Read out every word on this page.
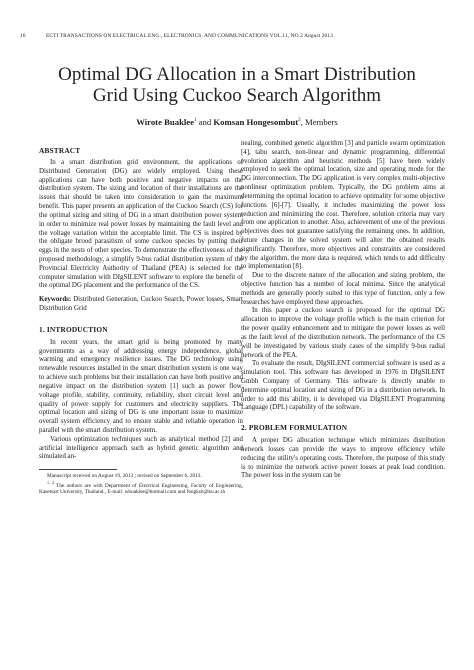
16	ECTI TRANSACTIONS ON ELECTRICAL ENG., ELECTRONICS, AND COMMUNICATIONS VOL.11, NO.2 August 2013
Optimal DG Allocation in a Smart Distribution
Grid Using Cuckoo Search Algorithm
Wirote Buaklee$^1$ and Komsan Hongesombut$^2$, Members
ABSTRACT

In a smart distribution grid environment, the applications of Distributed Generation (DG) are widely employed. Using these applications can have both positive and negative impacts on the distribution system. The sizing and location of their installations are the issues that should be taken into consideration to gain the maximum benefit. This paper presents an application of the Cuckoo Search (CS) for the optimal sizing and siting of DG in a smart distribution power system in order to minimize real power losses by maintaining the fault level and the voltage variation within the acceptable limit. The CS is inspired by the obligate brood parasitism of some cuckoo species by putting their eggs in the nests of other species. To demonstrate the effectiveness of the proposed methodology, a simplify 9-bus radial distribution system of the Provincial Electricity Authority of Thailand (PEA) is selected for the computer simulation with DIgSILENT software to explore the benefit of the optimal DG placement and the performance of the CS.

Keywords: Distributed Generation, Cuckoo Search, Power losses, Smart Distribution Grid

1. INTRODUCTION

In recent years, the smart grid is being promoted by many governments as a way of addressing energy independence, global warming and emergency resilience issues. The DG technology using renewable resources installed in the smart distribution system is one way to achieve such problems but their installation can have both positive and negative impact on the distribution system [1] such as power flow, voltage profile, stability, continuity, reliability, short circuit level and quality of power supply for customers and electricity suppliers. The optimal location and sizing of DG is one important issue to maximize overall system efficiency and to ensure stable and reliable operation in parallel with the smart distribution system.

Various optimization techniques such as analytical method [2] and artificial intelligence approach such as hybrid genetic algorithm and simulated an-

Manuscript received on August 19, 2013 ; revised on September 6, 2013.

$^{1, 2}$ The authors are with Department of Electrical Engineering, Faculty of Engineering, Kasetsart University, Thailand., E-mail: wbuaklee@hotmail.com and fengksh@ku.ac.th

nealing, combined genetic algorithm [3] and particle swarm optimization [4], tabu search, non-linear and dynamic programming, differential evolution algorithm and heuristic methods [5] have been widely employed to seek the optimal location, size and operating mode for the DG interconnection. The DG application is very complex multi-objective nonlinear optimization problem. Typically, the DG problem aims at determining the optimal location to achieve optimality for some objective functions [6]-[7]. Usually, it includes maximizing the power loss reduction and minimizing the cost. Therefore, solution criteria may vary from one application to another. Also, achievement of one of the previous objectives does not guarantee satisfying the remaining ones. In addition, future changes in the solved system will alter the obtained results significantly. Therefore, more objectives and constraints are considered by the algorithm, the more data is required, which tends to add difficulty to implementation [8].

Due to the discrete nature of the allocation and sizing problem, the objective function has a number of local minima. Since the analytical methods are generally poorly suited to this type of function, only a few researches have employed these approaches.

In this paper a cuckoo search is proposed for the optimal DG allocation to improve the voltage profile which is the main criterion for the power quality enhancement and to mitigate the power losses as well as the fault level of the distribution network. The performance of the CS will be investigated by various study cases of the simplify 9-bus radial network of the PEA.

To evaluate the result, DIgSILENT commercial software is used as a simulation tool. This software has developed in 1976 in DIgSILENT Gmbh Company of Germany. This software is directly unable to determine optimal location and sizing of DG in a distribution network. In order to add this ability, it is developed via DIgSILENT Programming Language (DPL) capability of the software.

2. PROBLEM FORMULATION

A proper DG allocation technique which minimizes distribution network losses can provide the ways to improve efficiency while reducing the utility's operating costs. Therefore, the purpose of this study is to minimize the network active power losses at peak load condition. The power loss in the system can be
